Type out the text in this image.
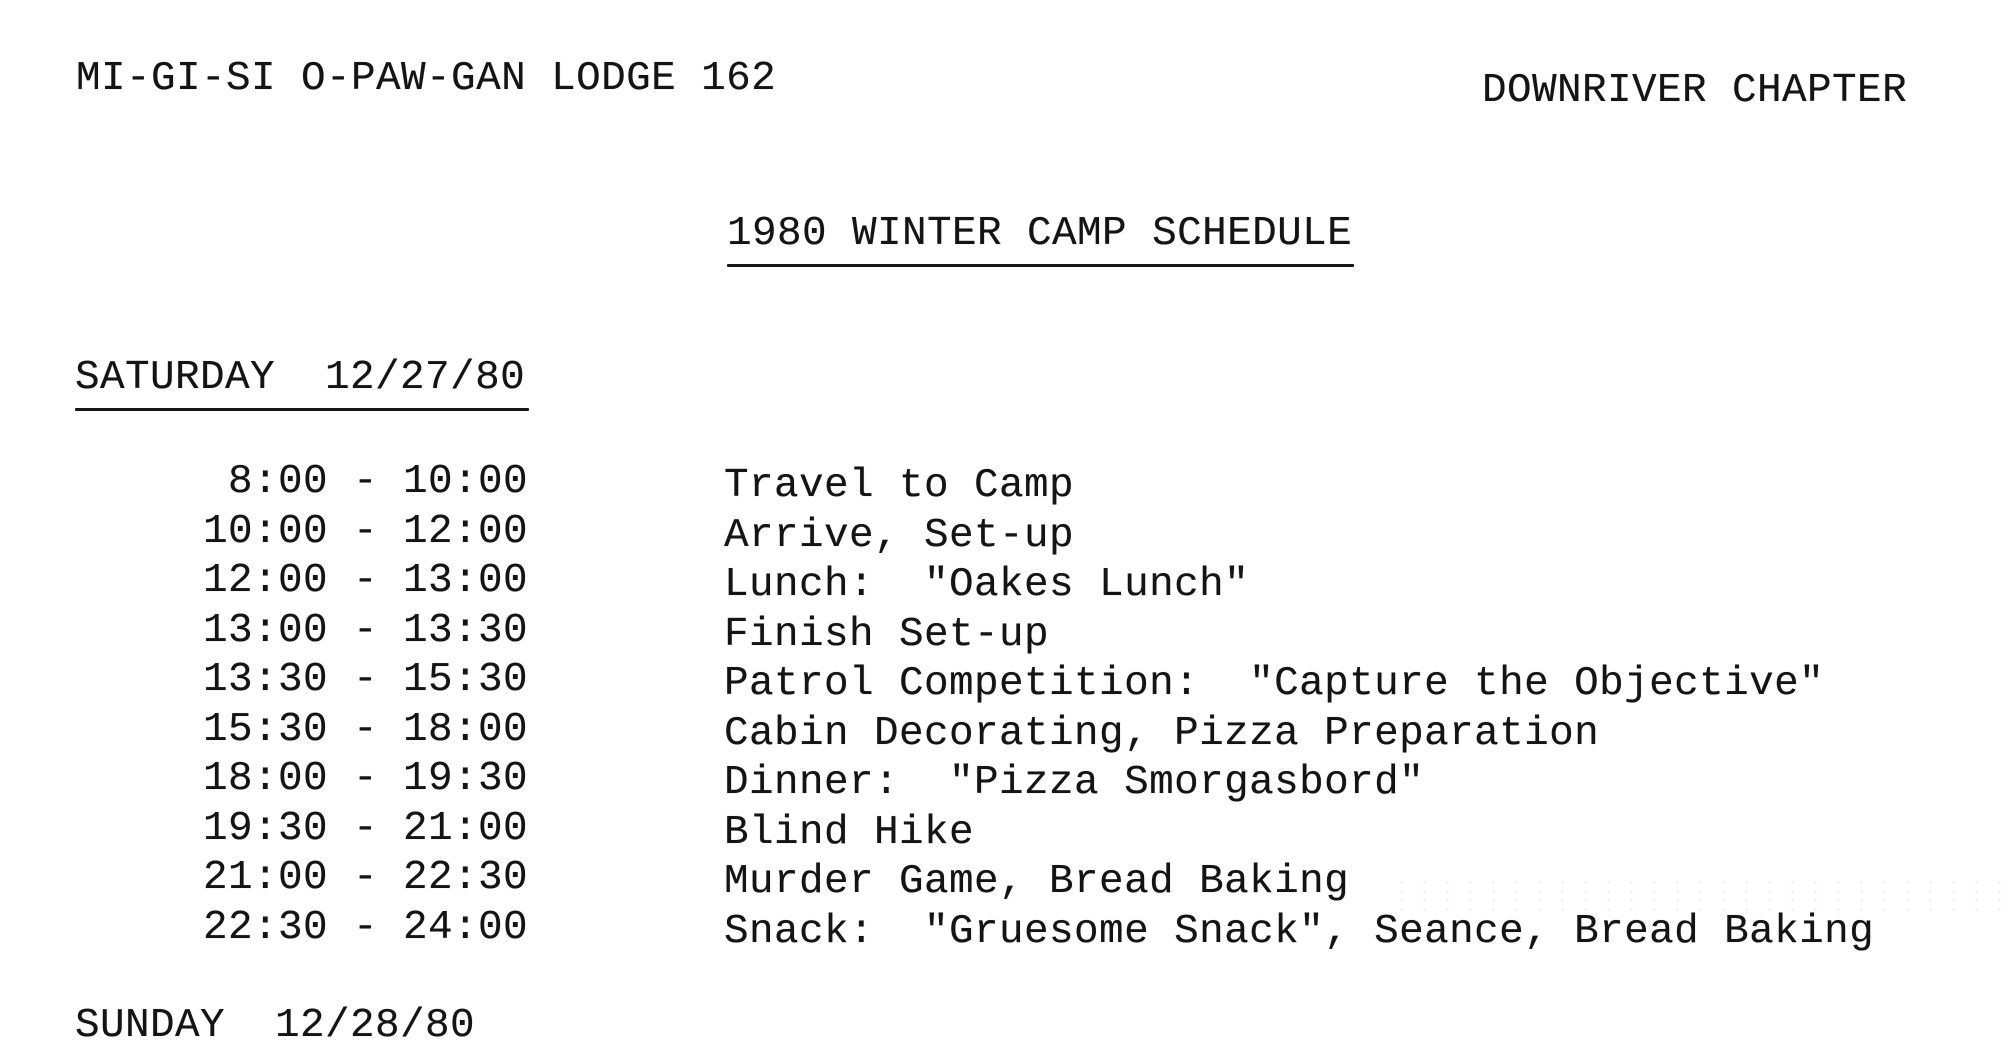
MI-GI-SI O-PAW-GAN LODGE 162	DOWNRIVER CHAPTER
1980 WINTER CAMP SCHEDULE
SATURDAY  12/27/80
8:00 - 10:00
10:00 - 12:00
12:00 - 13:00
13:00 - 13:30
13:30 - 15:30
15:30 - 18:00
18:00 - 19:30
19:30 - 21:00
21:00 - 22:30
22:30 - 24:00
Travel to Camp
Arrive, Set-up
Lunch:  "Oakes Lunch"
Finish Set-up
Patrol Competition:  "Capture the Objective"
Cabin Decorating, Pizza Preparation
Dinner:  "Pizza Smorgasbord"
Blind Hike
Murder Game, Bread Baking
Snack:  "Gruesome Snack", Seance, Bread Baking
SUNDAY  12/28/80
